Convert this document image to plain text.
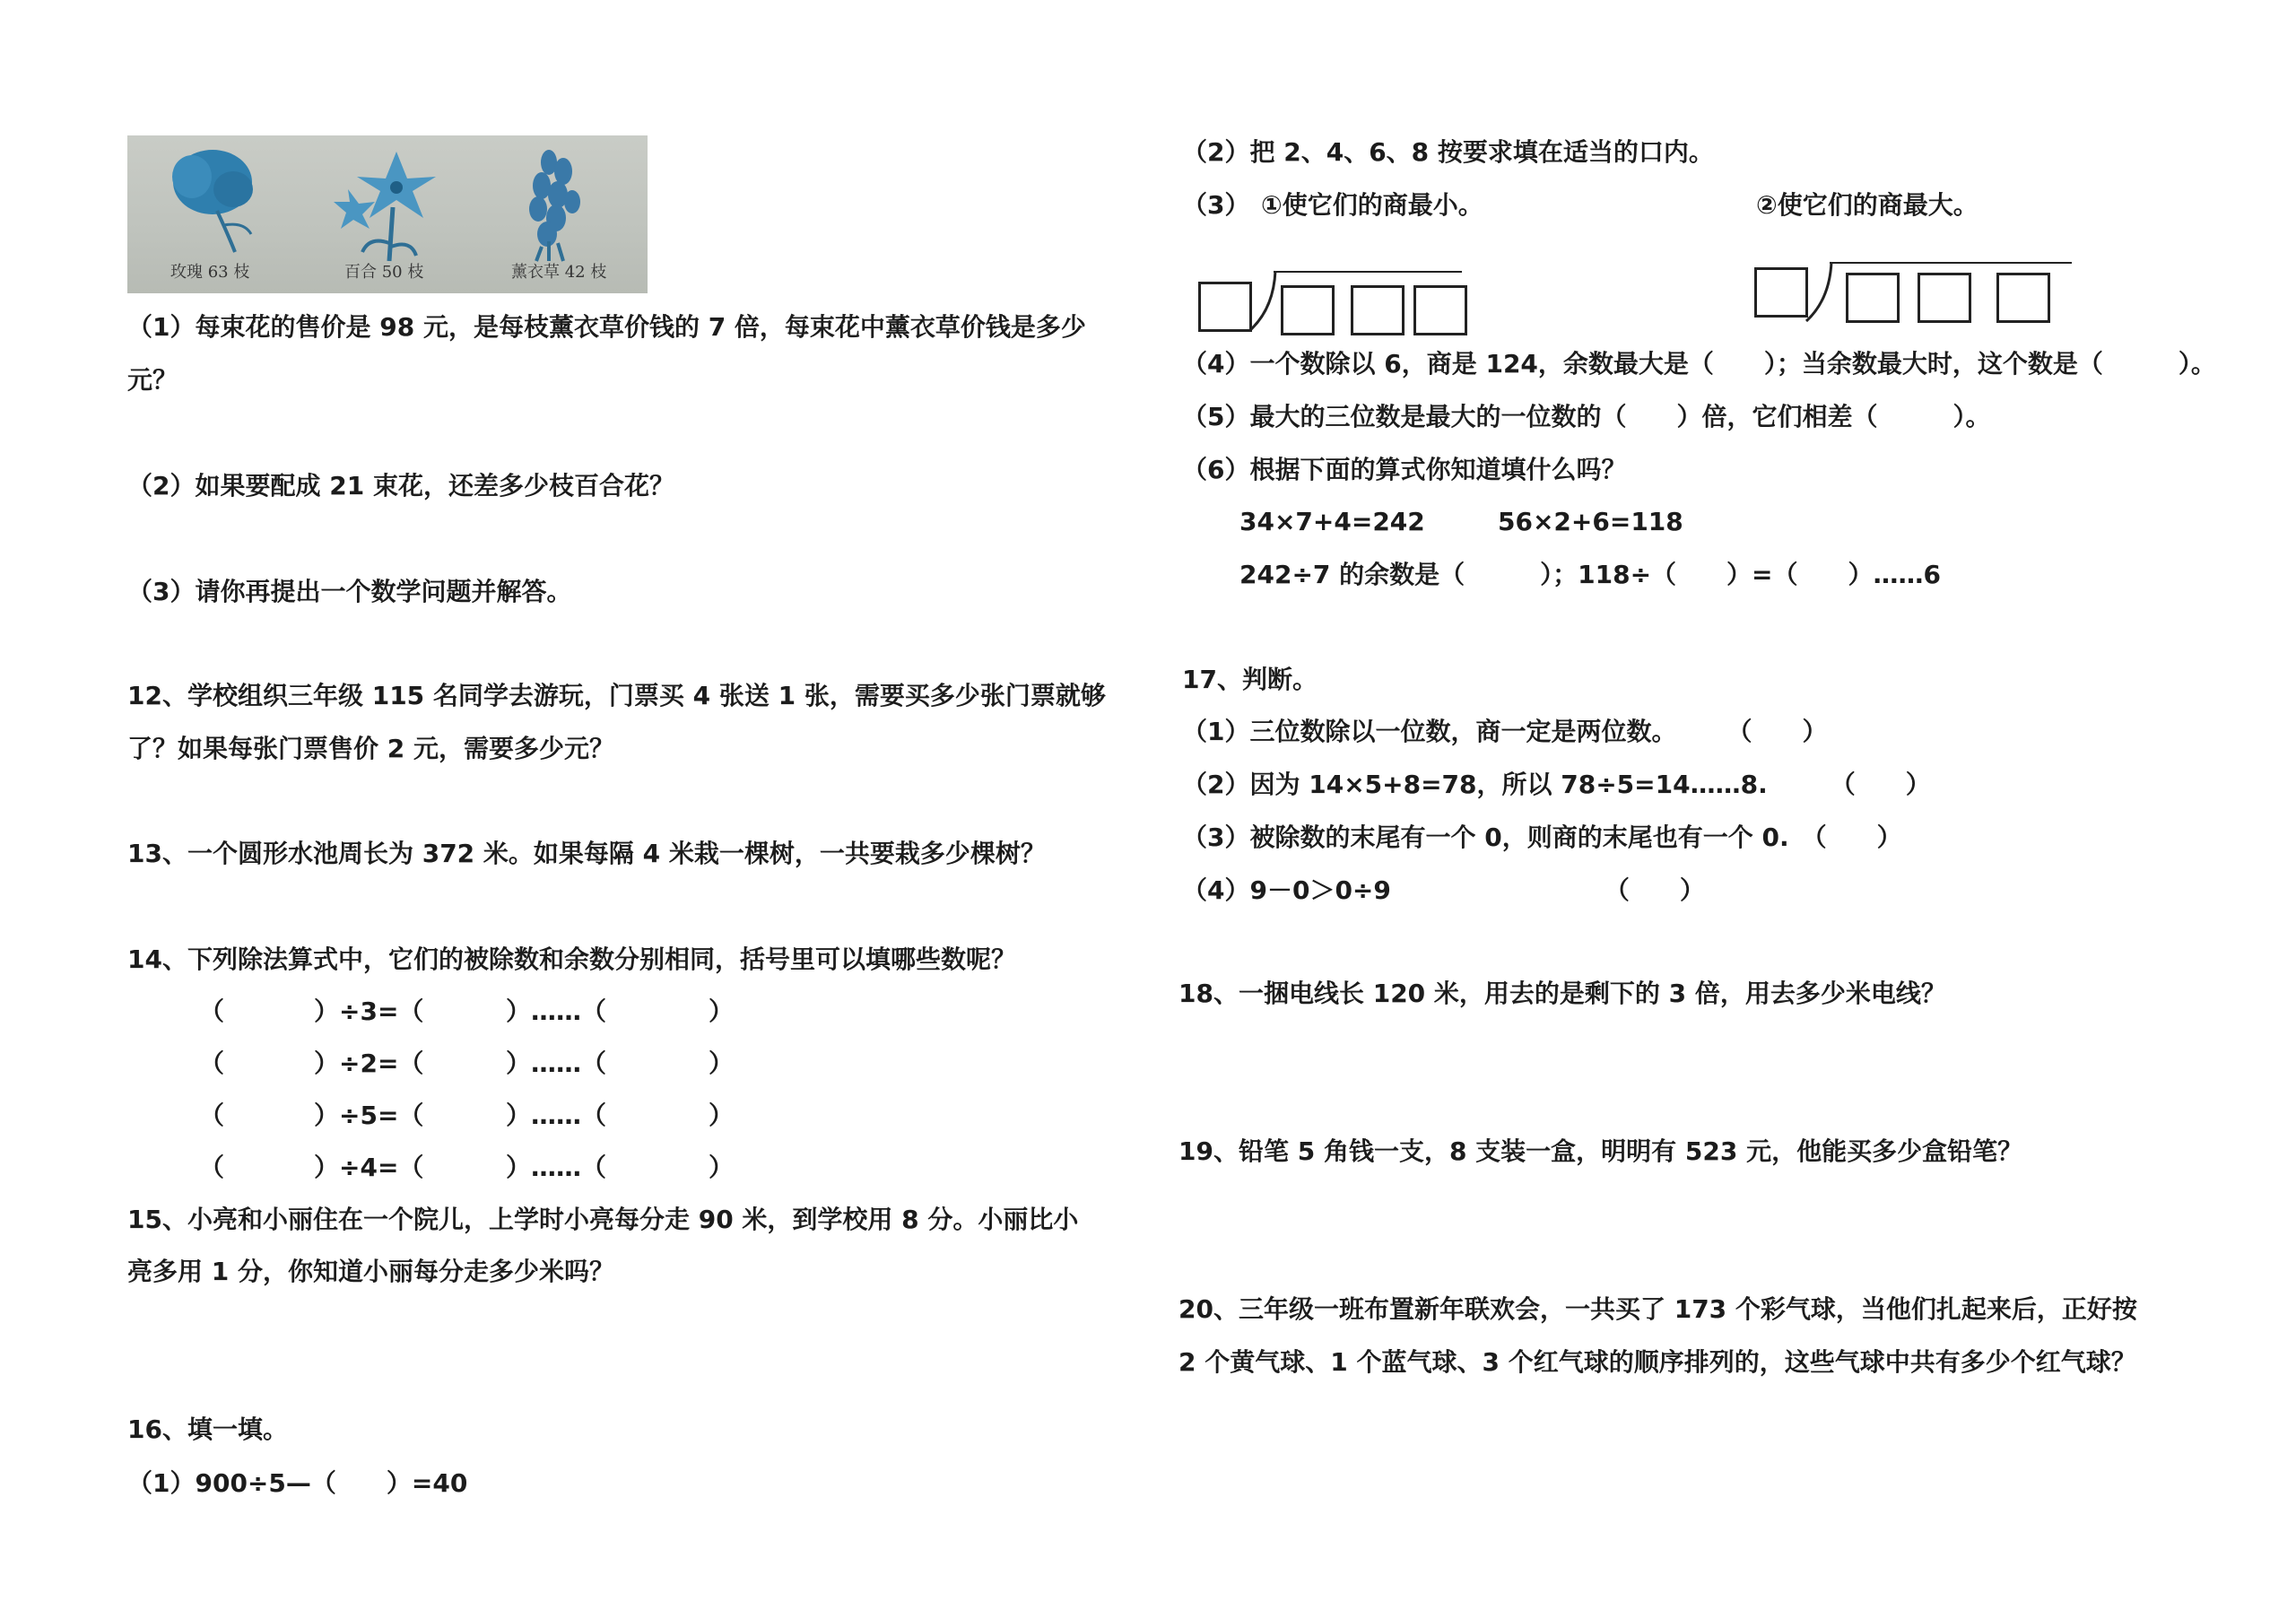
玫瑰 63 枝	百合 50 枝	薰衣草 42 枝
（1）每束花的售价是 98 元，是每枝薰衣草价钱的 7 倍，每束花中薰衣草价钱是多少
元？
（2）如果要配成 21 束花，还差多少枝百合花？
（3）请你再提出一个数学问题并解答。
12、学校组织三年级 115 名同学去游玩，门票买 4 张送 1 张，需要买多少张门票就够
了？如果每张门票售价 2 元，需要多少元？
13、一个圆形水池周长为 372 米。如果每隔 4 米栽一棵树，一共要栽多少棵树？
14、下列除法算式中，它们的被除数和余数分别相同，括号里可以填哪些数呢？
（	）÷3=（	）……（	）
（	）÷2=（	）……（	）
（	）÷5=（	）……（	）
（	）÷4=（	）……（	）
15、小亮和小丽住在一个院儿，上学时小亮每分走 90 米，到学校用 8 分。小丽比小
亮多用 1 分，你知道小丽每分走多少米吗？
16、填一填。
（1）900÷5—（　　）=40
（2）把 2、4、6、8 按要求填在适当的口内。
（3） ①使它们的商最小。	②使它们的商最大。
（4）一个数除以 6，商是 124，余数最大是（　　）；当余数最大时，这个数是（　　　）。
（5）最大的三位数是最大的一位数的（　　）倍，它们相差（　　　）。
（6）根据下面的算式你知道填什么吗？
34×7+4=242	56×2+6=118
242÷7 的余数是（　　　）；118÷（　　）=（　　）……6
17、判断。
（1）三位数除以一位数，商一定是两位数。　　　（　　）
（2）因为 14×5+8=78，所以 78÷5=14……8.　　　（　　）
（3）被除数的末尾有一个 0，则商的末尾也有一个 0.　（　　）
（4）9－0＞0÷9　　　　　　　　　（　　）
18、一捆电线长 120 米，用去的是剩下的 3 倍，用去多少米电线？
19、铅笔 5 角钱一支，8 支装一盒，明明有 523 元，他能买多少盒铅笔？
20、三年级一班布置新年联欢会，一共买了 173 个彩气球，当他们扎起来后，正好按
2 个黄气球、1 个蓝气球、3 个红气球的顺序排列的，这些气球中共有多少个红气球？
